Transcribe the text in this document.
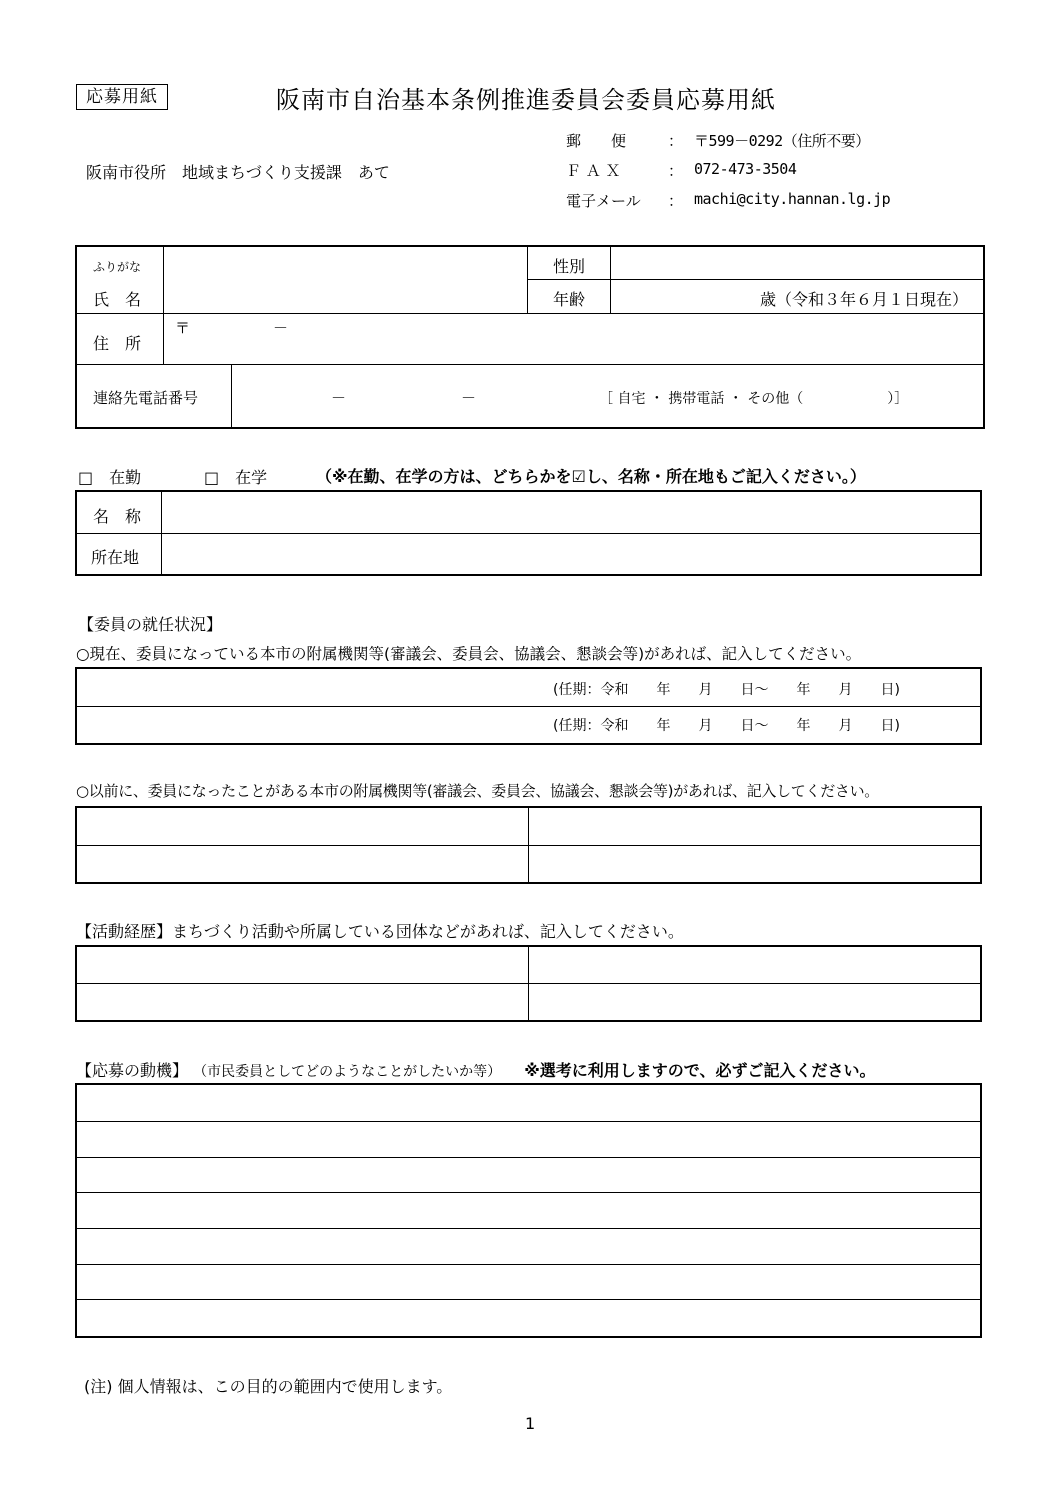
応募用紙	阪南市自治基本条例推進委員会委員応募用紙
郵　　便	： 〒599－0292（住所不要）
Ｆ Ａ Ｘ	： 072-473-3504
電子メール ： machi@city.hannan.lg.jp
阪南市役所　地域まちづくり支援課　あて
ふりがな
氏　名
性別
年齢	歳（令和３年６月１日現在）
住　所
〒	－
連絡先電話番号	－	－	［ 自宅 ・ 携帯電話 ・ その他（　　　　　　）］
□　在勤	□　在学	（※在勤、在学の方は、どちらかを☑し、名称・所在地もご記入ください。）
名　称
所在地
【委員の就任状況】
○現在、委員になっている本市の附属機関等(審議会、委員会、協議会、懇談会等)があれば、記入してください。
(任期：令和　　年　　月　　日～　　年　　月　　日)
(任期：令和　　年　　月　　日～　　年　　月　　日)
○以前に、委員になったことがある本市の附属機関等(審議会、委員会、協議会、懇談会等)があれば、記入してください。
【活動経歴】まちづくり活動や所属している団体などがあれば、記入してください。
【応募の動機】 （市民委員としてどのようなことがしたいか等） ※選考に利用しますので、必ずご記入ください。
(注) 個人情報は、この目的の範囲内で使用します。
1
